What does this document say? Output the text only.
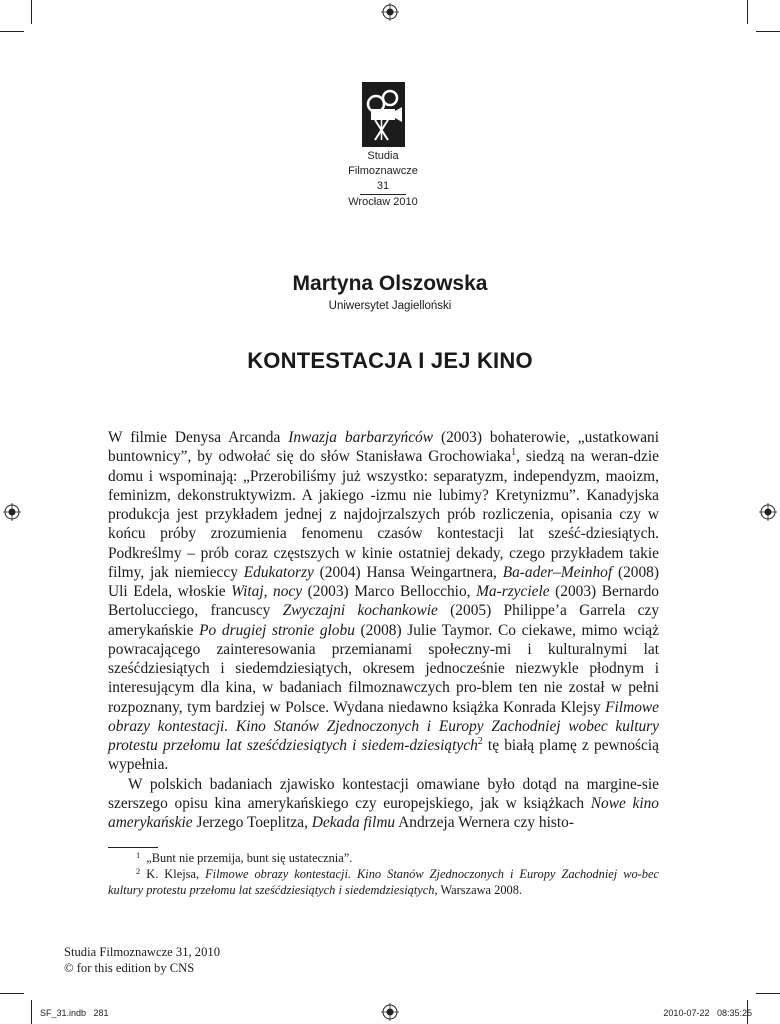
Studia
Filmoznawcze
31
Wrocław 2010
Martyna Olszowska
Uniwersytet Jagielloński
KONTESTACJA I JEJ KINO

W filmie Denysa Arcanda Inwazja barbarzyńców (2003) bohaterowie, „ustatkowani buntownicy”, by odwołać się do słów Stanisława Grochowiaka$^1$, siedzą na weran-dzie domu i wspominają: „Przerobiliśmy już wszystko: separatyzm, independyzm, maoizm, feminizm, dekonstruktywizm. A jakiego -izmu nie lubimy? Kretynizmu”. Kanadyjska produkcja jest przykładem jednej z najdojrzalszych prób rozliczenia, opisania czy w końcu próby zrozumienia fenomenu czasów kontestacji lat sześć-dziesiątych. Podkreślmy – prób coraz częstszych w kinie ostatniej dekady, czego przykładem takie filmy, jak niemieccy Edukatorzy (2004) Hansa Weingartnera, Ba-ader–Meinhof (2008) Uli Edela, włoskie Witaj, nocy (2003) Marco Bellocchio, Ma-rzyciele (2003) Bernardo Bertolucciego, francuscy Zwyczajni kochankowie (2005) Philippe’a Garrela czy amerykańskie Po drugiej stronie globu (2008) Julie Taymor. Co ciekawe, mimo wciąż powracającego zainteresowania przemianami społeczny-mi i kulturalnymi lat sześćdziesiątych i siedemdziesiątych, okresem jednocześnie niezwykle płodnym i interesującym dla kina, w badaniach filmoznawczych pro-blem ten nie został w pełni rozpoznany, tym bardziej w Polsce. Wydana niedawno książka Konrada Klejsy Filmowe obrazy kontestacji. Kino Stanów Zjednoczonych i Europy Zachodniej wobec kultury protestu przełomu lat sześćdziesiątych i siedem-dziesiątych$^2$ tę białą plamę z pewnością wypełnia.

W polskich badaniach zjawisko kontestacji omawiane było dotąd na margine-sie szerszego opisu kina amerykańskiego czy europejskiego, jak w książkach Nowe kino amerykańskie Jerzego Toeplitza, Dekada filmu Andrzeja Wernera czy histo-

$^1$ „Bunt nie przemija, bunt się ustatecznia”.

$^2$ K. Klejsa, Filmowe obrazy kontestacji. Kino Stanów Zjednoczonych i Europy Zachodniej wo-bec kultury protestu przełomu lat sześćdziesiątych i siedemdziesiątych, Warszawa 2008.

Studia Filmoznawcze 31, 2010
© for this edition by CNS
SF_31.indb   281	2010-07-22   08:35:25
